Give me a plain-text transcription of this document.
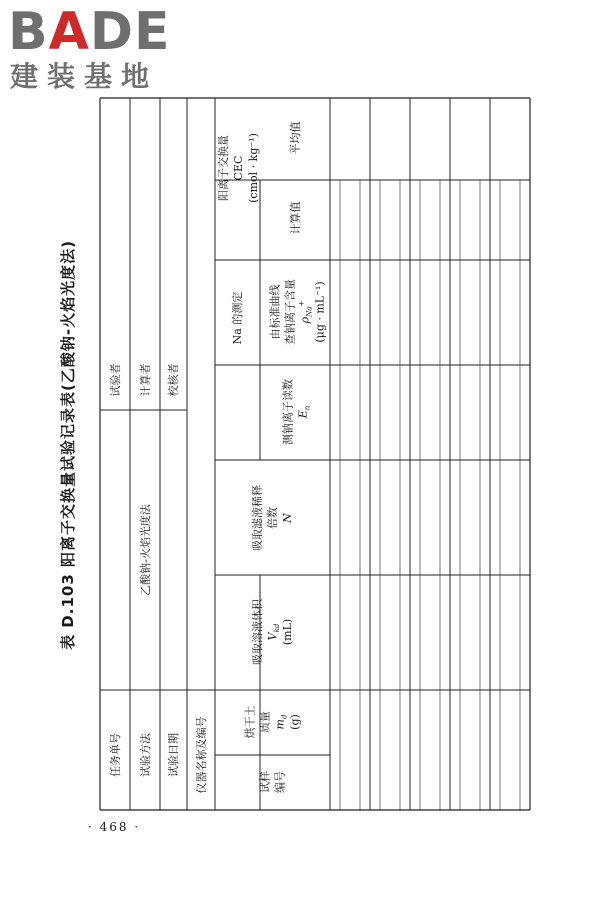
BADE
建装基地
表 D.103 阳离子交换量试验记录表(乙酸钠-火焰光度法)
任务单号 试验方法
乙酸钠-火焰光度法
试验日期 仪器名称及编号
试验者 计算者 校核者
试样 编号
烘干土 质量 $m_d$ (g)
吸取溶液体积 $V_{kd}$ (mL)
吸取滤液稀释 倍数 N
Na 的测定
测钠离子读数 $E_n$
由标准曲线 查钠离子含量 $\rho_{Na}^+$ (μg · mL⁻¹)
阳离子交换量 CEC (cmol · kg⁻¹)
计算值
平均值
· 468 ·
